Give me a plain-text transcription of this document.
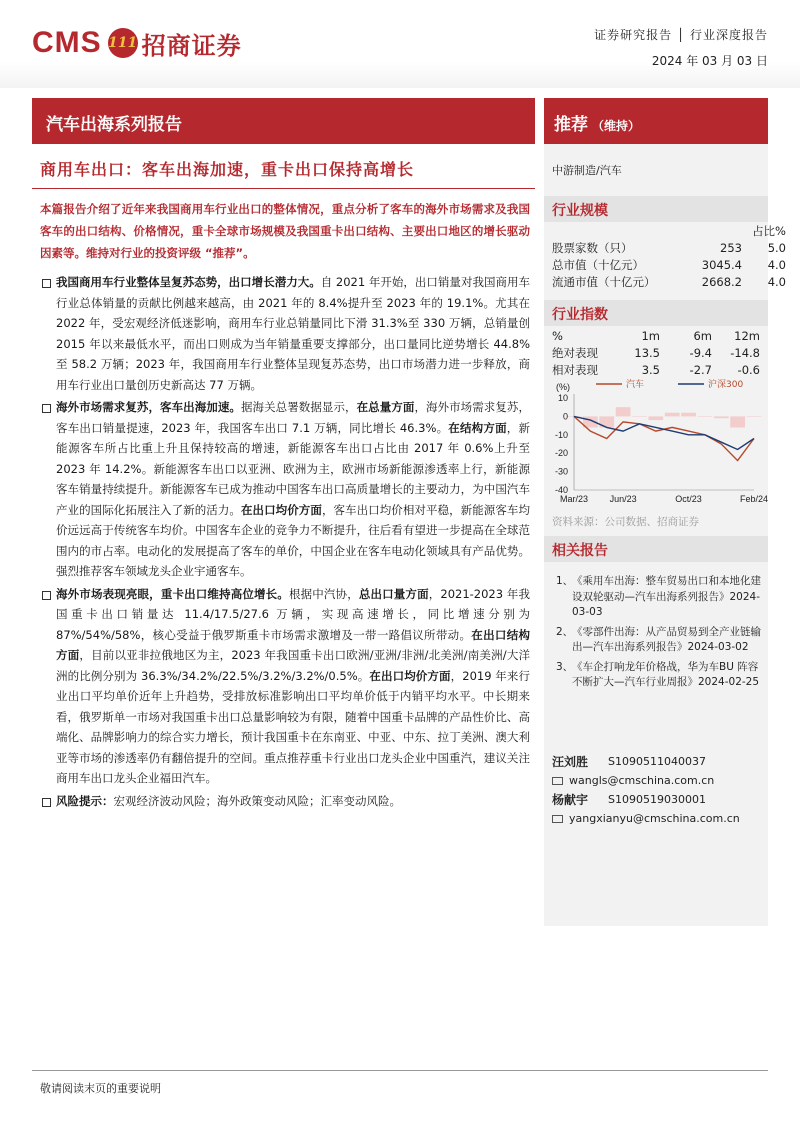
CMS 111 招商证券	证券研究报告 │ 行业深度报告
2024 年 03 月 03 日
汽车出海系列报告
商用车出口：客车出海加速，重卡出口保持高增长
本篇报告介绍了近年来我国商用车行业出口的整体情况，重点分析了客车的海外市场需求及我国客车的出口结构、价格情况，重卡全球市场规模及我国重卡出口结构、主要出口地区的增长驱动因素等。维持对行业的投资评级 “推荐”。
我国商用车行业整体呈复苏态势，出口增长潜力大。自 2021 年开始，出口销量对我国商用车行业总体销量的贡献比例越来越高，由 2021 年的 8.4%提升至 2023 年的 19.1%。尤其在 2022 年，受宏观经济低迷影响，商用车行业总销量同比下滑 31.3%至 330 万辆，总销量创 2015 年以来最低水平，而出口则成为当年销量重要支撑部分，出口量同比逆势增长 44.8%至 58.2 万辆；2023 年，我国商用车行业整体呈现复苏态势，出口市场潜力进一步释放，商用车行业出口量创历史新高达 77 万辆。
海外市场需求复苏，客车出海加速。据海关总署数据显示，在总量方面，海外市场需求复苏，客车出口销量提速，2023 年，我国客车出口 7.1 万辆，同比增长 46.3%。在结构方面，新能源客车所占比重上升且保持较高的增速，新能源客车出口占比由 2017 年 0.6%上升至 2023 年 14.2%。新能源客车出口以亚洲、欧洲为主，欧洲市场新能源渗透率上行，新能源客车销量持续提升。新能源客车已成为推动中国客车出口高质量增长的主要动力，为中国汽车产业的国际化拓展注入了新的活力。在出口均价方面，客车出口均价相对平稳，新能源客车均价远远高于传统客车均价。中国客车企业的竞争力不断提升，往后看有望进一步提高在全球范围内的市占率。电动化的发展提高了客车的单价，中国企业在客车电动化领域具有产品优势。强烈推荐客车领域龙头企业宇通客车。
海外市场表现亮眼，重卡出口维持高位增长。根据中汽协，总出口量方面，2021-2023 年我国重卡出口销量达 11.4/17.5/27.6 万辆，实现高速增长，同比增速分别为 87%/54%/58%，核心受益于俄罗斯重卡市场需求激增及一带一路倡议所带动。在出口结构方面，目前以亚非拉俄地区为主，2023 年我国重卡出口欧洲/亚洲/非洲/北美洲/南美洲/大洋洲的比例分别为 36.3%/34.2%/22.5%/3.2%/3.2%/0.5%。在出口均价方面，2019 年来行业出口平均单价近年上升趋势，受排放标准影响出口平均单价低于内销平均水平。中长期来看，俄罗斯单一市场对我国重卡出口总量影响较为有限，随着中国重卡品牌的产品性价比、高端化、品牌影响力的综合实力增长，预计我国重卡在东南亚、中亚、中东、拉丁美洲、澳大利亚等市场的渗透率仍有翻倍提升的空间。重点推荐重卡行业出口龙头企业中国重汽，建议关注商用车出口龙头企业福田汽车。
风险提示：宏观经济波动风险；海外政策变动风险；汇率变动风险。
推荐 （维持）
中游制造/汽车
行业规模
占比%
股票家数（只）	253	5.0
总市值（十亿元）	3045.4	4.0
流通市值（十亿元）	2668.2	4.0
行业指数
%	1m	6m	12m
绝对表现	13.5	-9.4	-14.8
相对表现	3.5	-2.7	-0.6
10
0
-10
-20
-30
-40
(%)
Mar/23 Jun/23	Oct/23	Feb/24
汽车	沪深300
资料来源：公司数据、招商证券
相关报告
1、
《乘用车出海：整车贸易出口和本地化建设双轮驱动—汽车出海系列报告》2024-03-03
2、
《零部件出海：从产品贸易到全产业链输出—汽车出海系列报告》2024-03-02
3、
《车企打响龙年价格战，华为车BU 阵容不断扩大—汽车行业周报》2024-02-25
汪刘胜	S1090511040037
wangls@cmschina.com.cn
杨献宇	S1090519030001
yangxianyu@cmschina.com.cn
敬请阅读末页的重要说明
